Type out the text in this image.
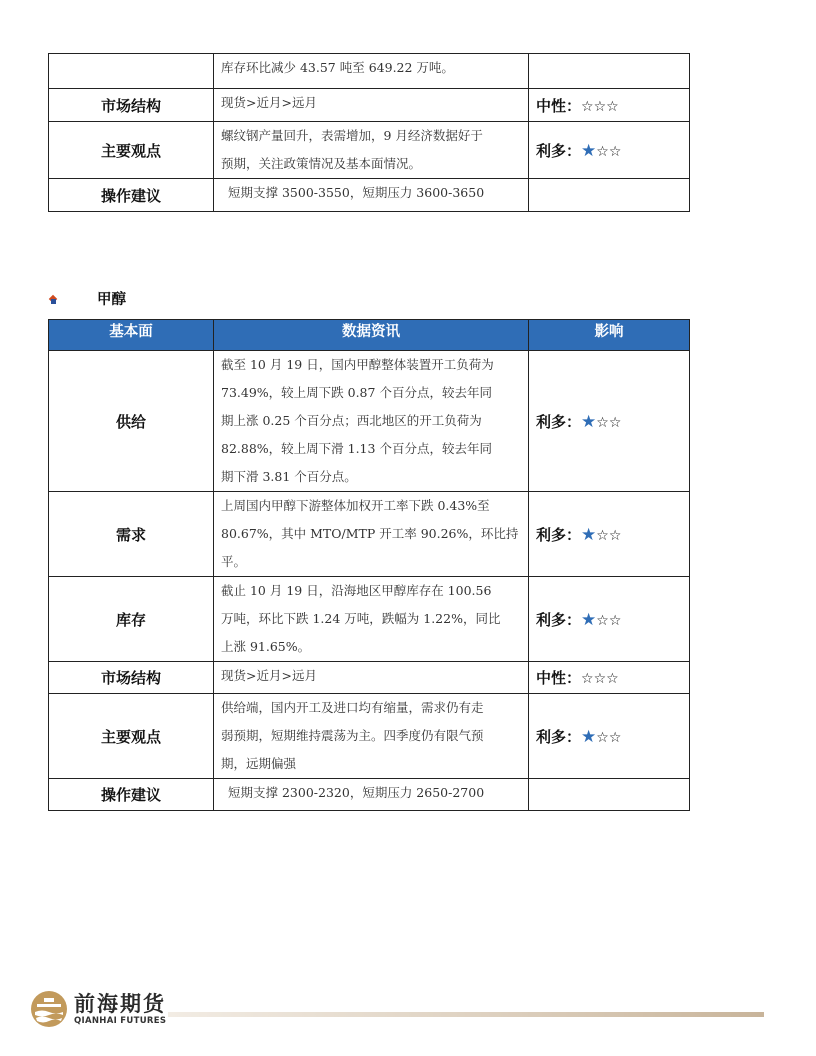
	库存环比减少 43.57 吨至 649.22 万吨。	

市场结构	现货>近月>远月	中性：☆☆☆
主要观点	螺纹钢产量回升，表需增加，9 月经济数据好于
预期，关注政策情况及基本面情况。	利多：★☆☆
操作建议	短期支撑 3500-3550，短期压力 3600-3650	

甲醇
基本面	数据资讯	影响
供给	截至 10 月 19 日，国内甲醇整体装置开工负荷为
73.49%，较上周下跌 0.87 个百分点，较去年同
期上涨 0.25 个百分点；西北地区的开工负荷为
82.88%，较上周下滑 1.13 个百分点，较去年同
期下滑 3.81 个百分点。	利多：★☆☆
需求	上周国内甲醇下游整体加权开工率下跌 0.43%至
80.67%，其中 MTO/MTP 开工率 90.26%，环比持
平。	利多：★☆☆
库存	截止 10 月 19 日，沿海地区甲醇库存在 100.56
万吨，环比下跌 1.24 万吨，跌幅为 1.22%，同比
上涨 91.65%。	利多：★☆☆
市场结构	现货>近月>远月	中性：☆☆☆
主要观点	供给端，国内开工及进口均有缩量，需求仍有走
弱预期，短期维持震荡为主。四季度仍有限气预
期，远期偏强	利多：★☆☆
操作建议	短期支撑 2300-2320，短期压力 2650-2700	

前海期货
QIANHAI FUTURES
